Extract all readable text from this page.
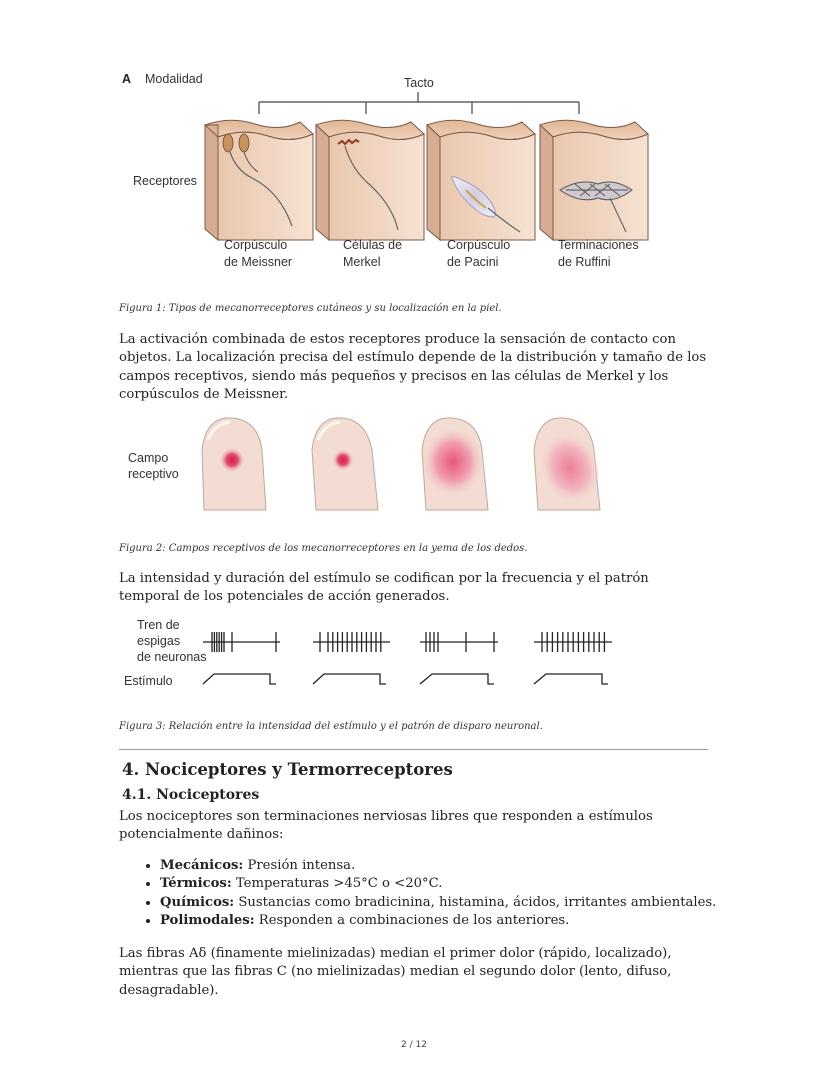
A Modalidad	Tacto
Receptores
Corpúsculo
de Meissner
Células de
Merkel
Corpúsculo
de Pacini
Terminaciones
de Ruffini
Figura 1: Tipos de mecanorreceptores cutáneos y su localización en la piel.

La activación combinada de estos receptores produce la sensación de contacto con objetos. La localización precisa del estímulo depende de la distribución y tamaño de los campos receptivos, siendo más pequeños y precisos en las células de Merkel y los corpúsculos de Meissner.

Campo
receptivo
Figura 2: Campos receptivos de los mecanorreceptores en la yema de los dedos.

La intensidad y duración del estímulo se codifican por la frecuencia y el patrón temporal de los potenciales de acción generados.

Tren de
espigas
de neuronas
Estímulo
Figura 3: Relación entre la intensidad del estímulo y el patrón de disparo neuronal.
4. Nociceptores y Termorreceptores
4.1. Nociceptores

Los nociceptores son terminaciones nerviosas libres que responden a estímulos potencialmente dañinos:

• Mecánicos: Presión intensa.
• Térmicos: Temperaturas >45°C o <20°C.
• Químicos: Sustancias como bradicinina, histamina, ácidos, irritantes ambientales.
• Polimodales: Responden a combinaciones de los anteriores.

Las fibras Aδ (finamente mielinizadas) median el primer dolor (rápido, localizado), mientras que las fibras C (no mielinizadas) median el segundo dolor (lento, difuso, desagradable).

2 / 12
